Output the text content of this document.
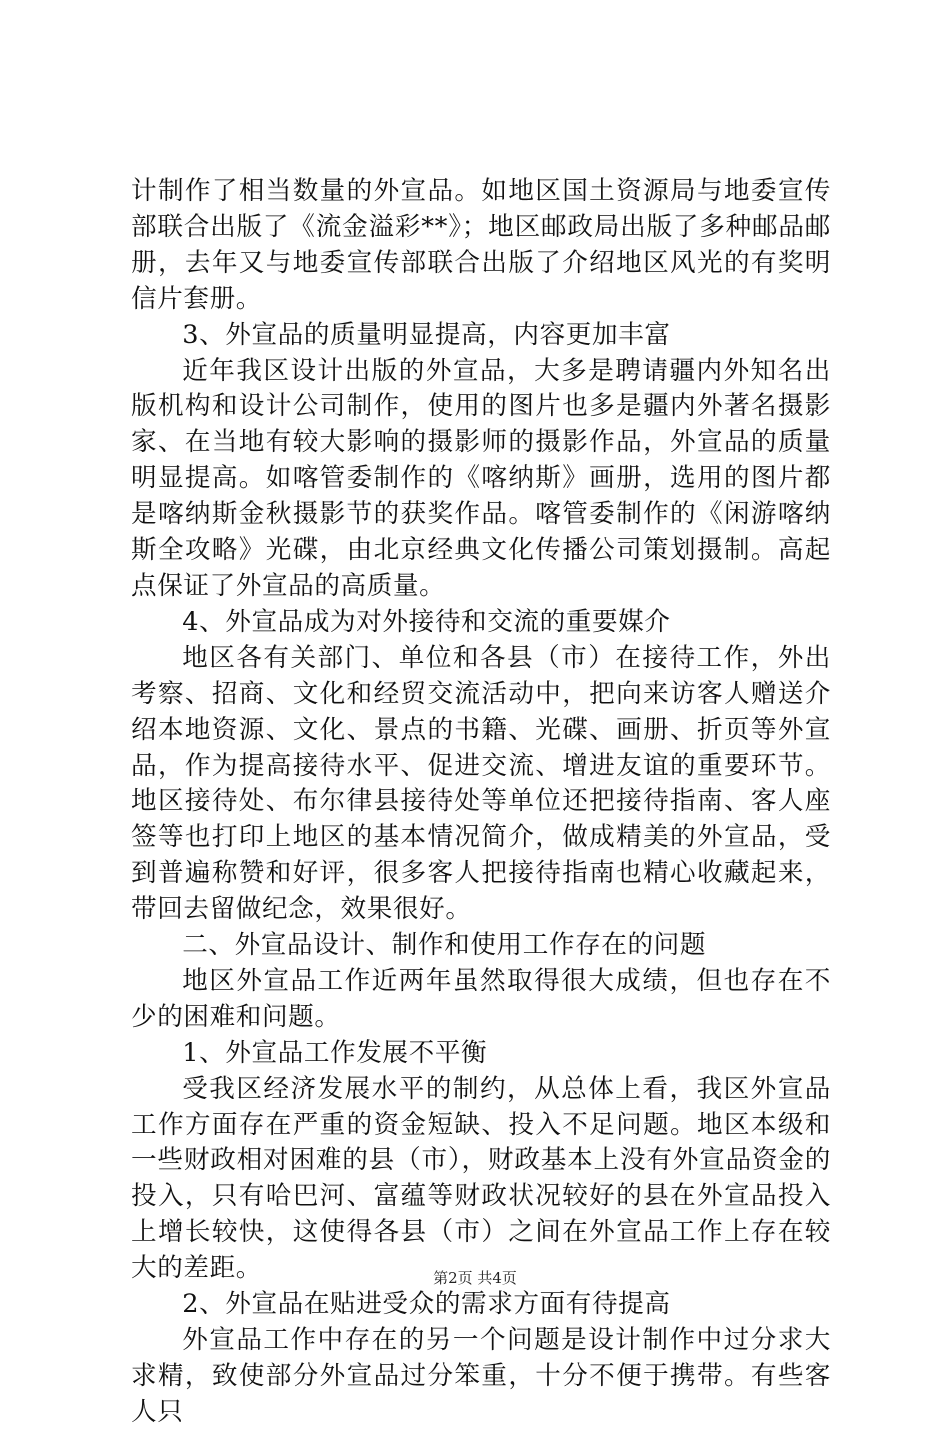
计制作了相当数量的外宣品。如地区国土资源局与地委宣传部联合出版了《流金溢彩**》；地区邮政局出版了多种邮品邮册，去年又与地委宣传部联合出版了介绍地区风光的有奖明信片套册。

3、外宣品的质量明显提高，内容更加丰富

近年我区设计出版的外宣品，大多是聘请疆内外知名出版机构和设计公司制作，使用的图片也多是疆内外著名摄影家、在当地有较大影响的摄影师的摄影作品，外宣品的质量明显提高。如喀管委制作的《喀纳斯》画册，选用的图片都是喀纳斯金秋摄影节的获奖作品。喀管委制作的《闲游喀纳斯全攻略》光碟，由北京经典文化传播公司策划摄制。高起点保证了外宣品的高质量。

4、外宣品成为对外接待和交流的重要媒介

地区各有关部门、单位和各县（市）在接待工作，外出考察、招商、文化和经贸交流活动中，把向来访客人赠送介绍本地资源、文化、景点的书籍、光碟、画册、折页等外宣品，作为提高接待水平、促进交流、增进友谊的重要环节。地区接待处、布尔律县接待处等单位还把接待指南、客人座签等也打印上地区的基本情况简介，做成精美的外宣品，受到普遍称赞和好评，很多客人把接待指南也精心收藏起来，带回去留做纪念，效果很好。

二、外宣品设计、制作和使用工作存在的问题

地区外宣品工作近两年虽然取得很大成绩，但也存在不少的困难和问题。

1、外宣品工作发展不平衡

受我区经济发展水平的制约，从总体上看，我区外宣品工作方面存在严重的资金短缺、投入不足问题。地区本级和一些财政相对困难的县（市），财政基本上没有外宣品资金的投入，只有哈巴河、富蕴等财政状况较好的县在外宣品投入上增长较快，这使得各县（市）之间在外宣品工作上存在较大的差距。

2、外宣品在贴进受众的需求方面有待提高

外宣品工作中存在的另一个问题是设计制作中过分求大求精，致使部分外宣品过分笨重，十分不便于携带。有些客人只

第2页 共4页
